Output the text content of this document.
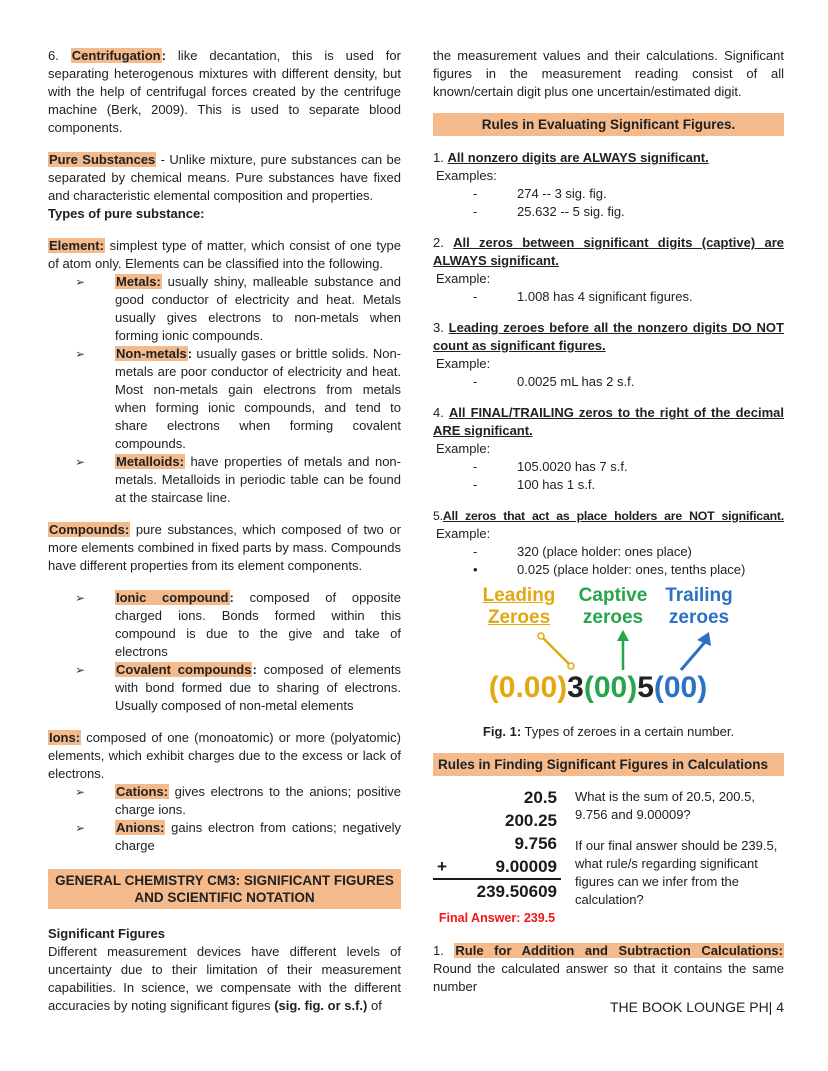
6. Centrifugation: like decantation, this is used for separating heterogenous mixtures with different density, but with the help of centrifugal forces created by the centrifuge machine (Berk, 2009). This is used to separate blood components.

Pure Substances - Unlike mixture, pure substances can be separated by chemical means. Pure substances have fixed and characteristic elemental composition and properties.

Types of pure substance:

Element: simplest type of matter, which consist of one type of atom only. Elements can be classified into the following.

➢ Metals: usually shiny, malleable substance and good conductor of electricity and heat. Metals usually gives electrons to non-metals when forming ionic compounds.
➢ Non-metals: usually gases or brittle solids. Non-metals are poor conductor of electricity and heat. Most non-metals gain electrons from metals when forming ionic compounds, and tend to share electrons when forming covalent compounds.
➢ Metalloids: have properties of metals and non-metals. Metalloids in periodic table can be found at the staircase line.

Compounds: pure substances, which composed of two or more elements combined in fixed parts by mass. Compounds have different properties from its element components.

➢ Ionic compound: composed of opposite charged ions. Bonds formed within this compound is due to the give and take of electrons
➢ Covalent compounds: composed of elements with bond formed due to sharing of electrons. Usually composed of non-metal elements

Ions: composed of one (monoatomic) or more (polyatomic) elements, which exhibit charges due to the excess or lack of electrons.

➢ Cations: gives electrons to the anions; positive charge ions.
➢ Anions: gains electron from cations; negatively charge
GENERAL CHEMISTRY CM3: SIGNIFICANT FIGURES AND SCIENTIFIC NOTATION

Significant Figures

Different measurement devices have different levels of uncertainty due to their limitation of their measurement capabilities. In science, we compensate with the different accuracies by noting significant figures (sig. fig. or s.f.) of

the measurement values and their calculations. Significant figures in the measurement reading consist of all known/certain digit plus one uncertain/estimated digit.

Rules in Evaluating Significant Figures.

1. All nonzero digits are ALWAYS significant.

Examples:

-	274 -- 3 sig. fig.
-	25.632 -- 5 sig. fig.

2. All zeros between significant digits (captive) are ALWAYS significant.

Example:

-	1.008 has 4 significant figures.

3. Leading zeroes before all the nonzero digits DO NOT count as significant figures.

Example:

-	0.0025 mL has 2 s.f.

4. All FINAL/TRAILING zeros to the right of the decimal ARE significant.

Example:

-	105.0020 has 7 s.f.
-	100 has 1 s.f.

5.All zeros that act as place holders are NOT significant.

Example:

-	320 (place holder: ones place)
•	0.025 (place holder: ones, tenths place)
Leading
Zeroes
Captive
zeroes
Trailing
zeroes
(0.00)3(00)5(00)
Fig. 1: Types of zeroes in a certain number.
Rules in Finding Significant Figures in Calculations
20.5
200.25
9.756
+	9.00009
239.50609
Final Answer: 239.5

What is the sum of 20.5, 200.5, 9.756 and 9.00009?

If our final answer should be 239.5, what rule/s regarding significant figures can we infer from the calculation?

1. Rule for Addition and Subtraction Calculations: Round the calculated answer so that it contains the same number

THE BOOK LOUNGE PH| 4
